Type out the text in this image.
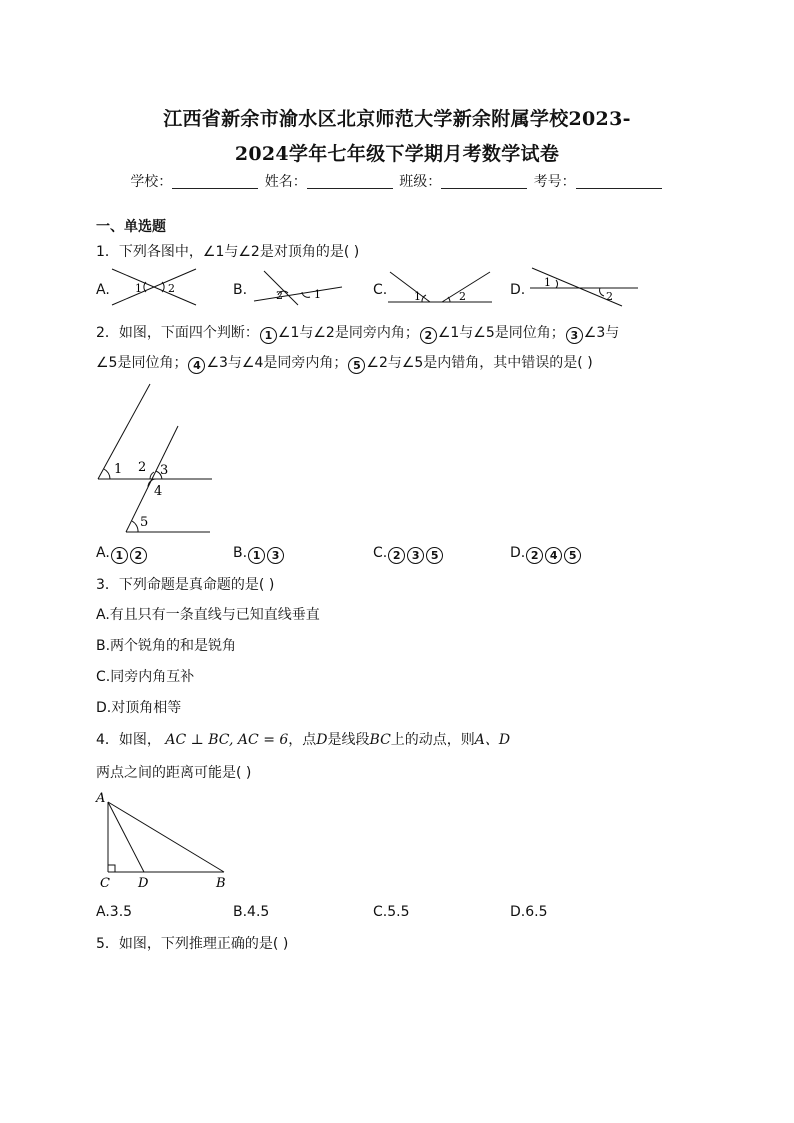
江西省新余市渝水区北京师范大学新余附属学校2023-
2024学年七年级下学期月考数学试卷
学校：	姓名：	班级：	考号：
一、单选题
1．下列各图中，∠1与∠2是对顶角的是( )
A. 1 2	B.	2	1	C. 1	2	D. 1
2
2．如图，下面四个判断： 1 ∠1与∠2是同旁内角； 2 ∠1与∠5是同位角； 3 ∠3与
∠5是同位角； 4 ∠3与∠4是同旁内角； 5 ∠2与∠5是内错角，其中错误的是( )
1 2 3
4
5
A. 1 2	B. 1 3	C. 2 3 5	D. 2 4 5
3．下列命题是真命题的是( )
A.有且只有一条直线与已知直线垂直
B.两个锐角的和是锐角
C.同旁内角互补
D.对顶角相等
4．如图， AC ⊥ BC, AC = 6，点D是线段BC上的动点，则A、D
两点之间的距离可能是( )
A
C D	B
A.3.5	B.4.5	C.5.5	D.6.5
5．如图，下列推理正确的是( )
